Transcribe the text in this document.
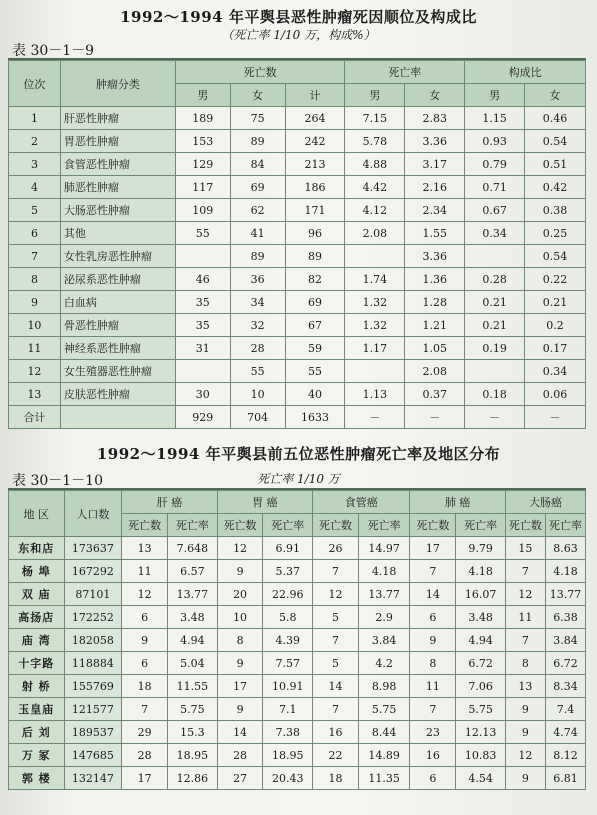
1992～1994 年平舆县恶性肿瘤死因顺位及构成比
（死亡率 1/10 万，构成%）
表 30－1－9
位次	肿瘤分类	死亡数			死亡率		构成比	
		男	女	计	男	女	男	女
1	肝恶性肿瘤	189	75	264	7.15	2.83	1.15	0.46
2	胃恶性肿瘤	153	89	242	5.78	3.36	0.93	0.54
3	食管恶性肿瘤	129	84	213	4.88	3.17	0.79	0.51
4	肺恶性肿瘤	117	69	186	4.42	2.16	0.71	0.42
5	大肠恶性肿瘤	109	62	171	4.12	2.34	0.67	0.38
6	其他	55	41	96	2.08	1.55	0.34	0.25
7	女性乳房恶性肿瘤		89	89		3.36		0.54
8	泌尿系恶性肿瘤	46	36	82	1.74	1.36	0.28	0.22
9	白血病	35	34	69	1.32	1.28	0.21	0.21
10	骨恶性肿瘤	35	32	67	1.32	1.21	0.21	0.2
11	神经系恶性肿瘤	31	28	59	1.17	1.05	0.19	0.17
12	女生殖器恶性肿瘤		55	55		2.08		0.34
13	皮肤恶性肿瘤	30	10	40	1.13	0.37	0.18	0.06
合计		929	704	1633	－	－	－	－
1992～1994 年平舆县前五位恶性肿瘤死亡率及地区分布
表 30－1－10	死亡率 1/10 万
地 区	人口数	肝 癌		胃 癌		食管癌		肺 癌		大肠癌	
		死亡数	死亡率	死亡数	死亡率	死亡数	死亡率	死亡数	死亡率	死亡数	死亡率
东和店	173637	13	7.648	12	6.91	26	14.97	17	9.79	15	8.63
杨 埠	167292	11	6.57	9	5.37	7	4.18	7	4.18	7	4.18
双 庙	87101	12	13.77	20	22.96	12	13.77	14	16.07	12	13.77
高扬店	172252	6	3.48	10	5.8	5	2.9	6	3.48	11	6.38
庙 湾	182058	9	4.94	8	4.39	7	3.84	9	4.94	7	3.84
十字路	118884	6	5.04	9	7.57	5	4.2	8	6.72	8	6.72
射 桥	155769	18	11.55	17	10.91	14	8.98	11	7.06	13	8.34
玉皇庙	121577	7	5.75	9	7.1	7	5.75	7	5.75	9	7.4
后 刘	189537	29	15.3	14	7.38	16	8.44	23	12.13	9	4.74
万 冢	147685	28	18.95	28	18.95	22	14.89	16	10.83	12	8.12
郭 楼	132147	17	12.86	27	20.43	18	11.35	6	4.54	9	6.81
